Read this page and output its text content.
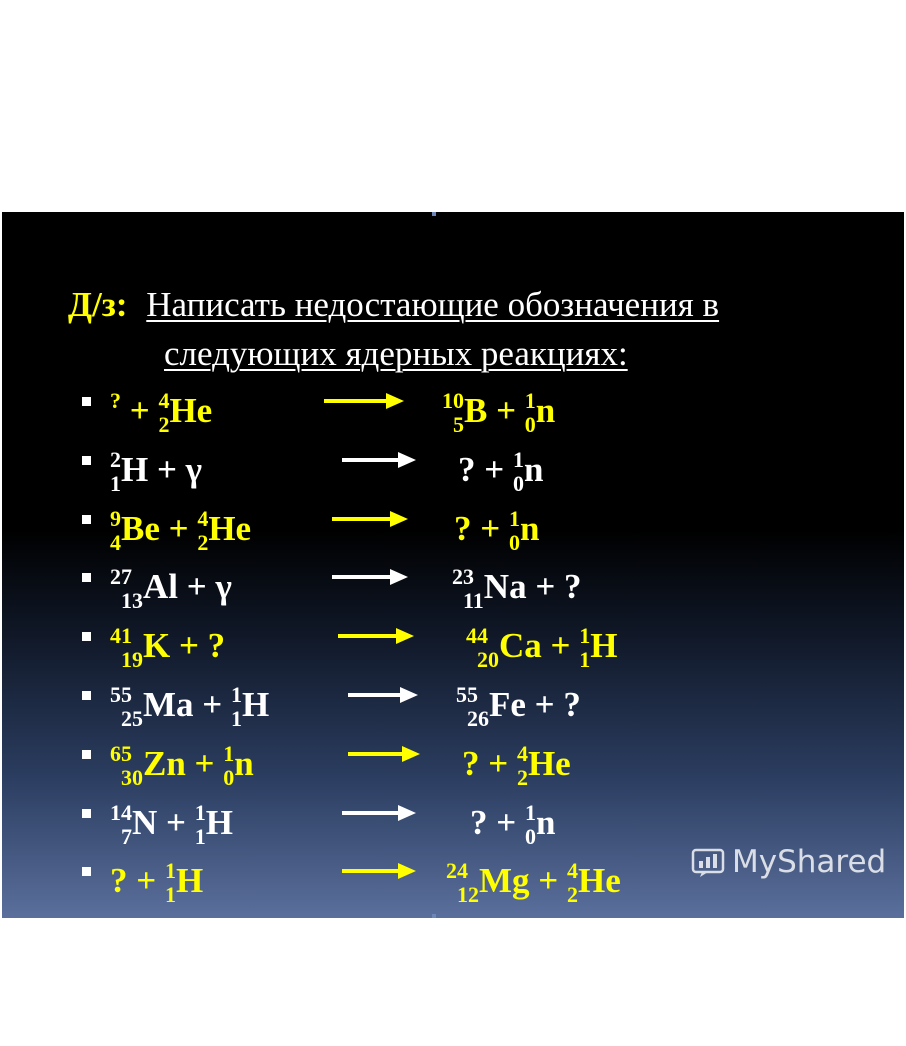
Д/з: Написать недостающие обозначения в
следующих ядерных реакциях:
? + $^4_2$He	$^{10}_5$B + $^1_0$n
$^2_1$H + γ	? + $^1_0$n
$^9_4$Be + $^4_2$He	? + $^1_0$n
$^{27}_{13}$Al + γ	$^{23}_{11}$Na + ?
$^{41}_{19}$K + ?	$^{44}_{20}$Ca + $^1_1$H
$^{55}_{25}$Ma + $^1_1$H	$^{55}_{26}$Fe + ?
$^{65}_{30}$Zn + $^1_0$n	? + $^4_2$He
$^{14}_7$N + $^1_1$H	? + $^1_0$n
? + $^1_1$H	$^{24}_{12}$Mg + $^4_2$He	MyShared
